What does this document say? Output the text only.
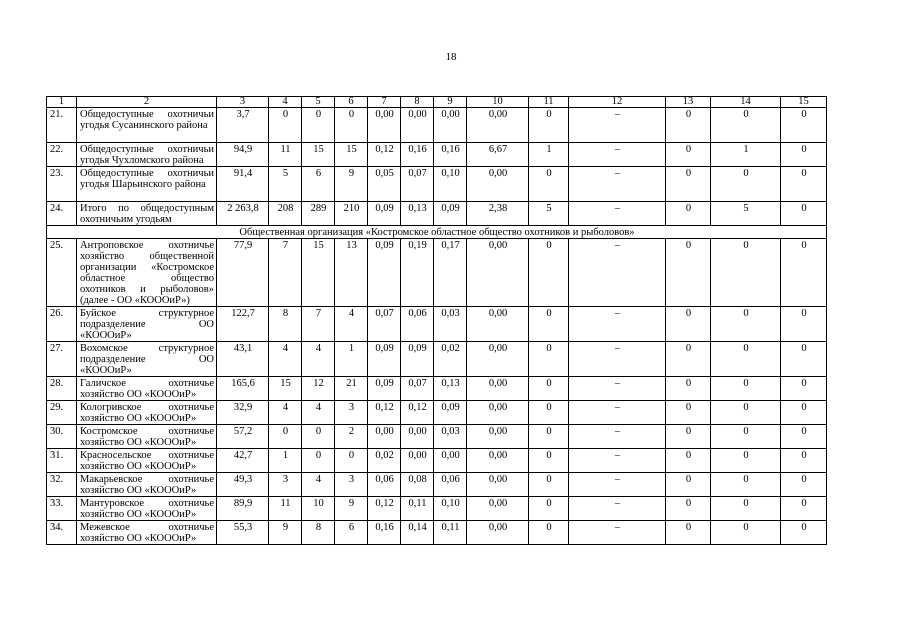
18
1	2	3	4	5	6	7	8	9	10	11	12	13	14	15
21.	Общедоступные охотничьи угодья Сусанинского района	3,7	0	0	0	0,00	0,00	0,00	0,00	0	–	0	0	0
22.	Общедоступные охотничьи угодья Чухломского района	94,9	11	15	15	0,12	0,16	0,16	6,67	1	–	0	1	0
23.	Общедоступные охотничьи угодья Шарьинского района	91,4	5	6	9	0,05	0,07	0,10	0,00	0	–	0	0	0
24.	Итого по общедоступным охотничьим угодьям	2 263,8	208	289	210	0,09	0,13	0,09	2,38	5	–	0	5	0
Общественная организация «Костромское областное общество охотников и рыболовов»														
25.	Антроповское охотничье хозяйство общественной организации «Костромское областное общество охотников и рыболовов» (далее - ОО «КОООиР»)	77,9	7	15	13	0,09	0,19	0,17	0,00	0	–	0	0	0
26.	Буйское структурное подразделение ОО «КОООиР»	122,7	8	7	4	0,07	0,06	0,03	0,00	0	–	0	0	0
27.	Вохомское структурное подразделение ОО «КОООиР»	43,1	4	4	1	0,09	0,09	0,02	0,00	0	–	0	0	0
28.	Галичское охотничье хозяйство ОО «КОООиР»	165,6	15	12	21	0,09	0,07	0,13	0,00	0	–	0	0	0
29.	Кологривское охотничье хозяйство ОО «КОООиР»	32,9	4	4	3	0,12	0,12	0,09	0,00	0	–	0	0	0
30.	Костромское охотничье хозяйство ОО «КОООиР»	57,2	0	0	2	0,00	0,00	0,03	0,00	0	–	0	0	0
31.	Красносельское охотничье хозяйство ОО «КОООиР»	42,7	1	0	0	0,02	0,00	0,00	0,00	0	–	0	0	0
32.	Макарьевское охотничье хозяйство ОО «КОООиР»	49,3	3	4	3	0,06	0,08	0,06	0,00	0	–	0	0	0
33.	Мантуровское охотничье хозяйство ОО «КОООиР»	89,9	11	10	9	0,12	0,11	0,10	0,00	0	–	0	0	0
34.	Межевское охотничье хозяйство ОО «КОООиР»	55,3	9	8	6	0,16	0,14	0,11	0,00	0	–	0	0	0
